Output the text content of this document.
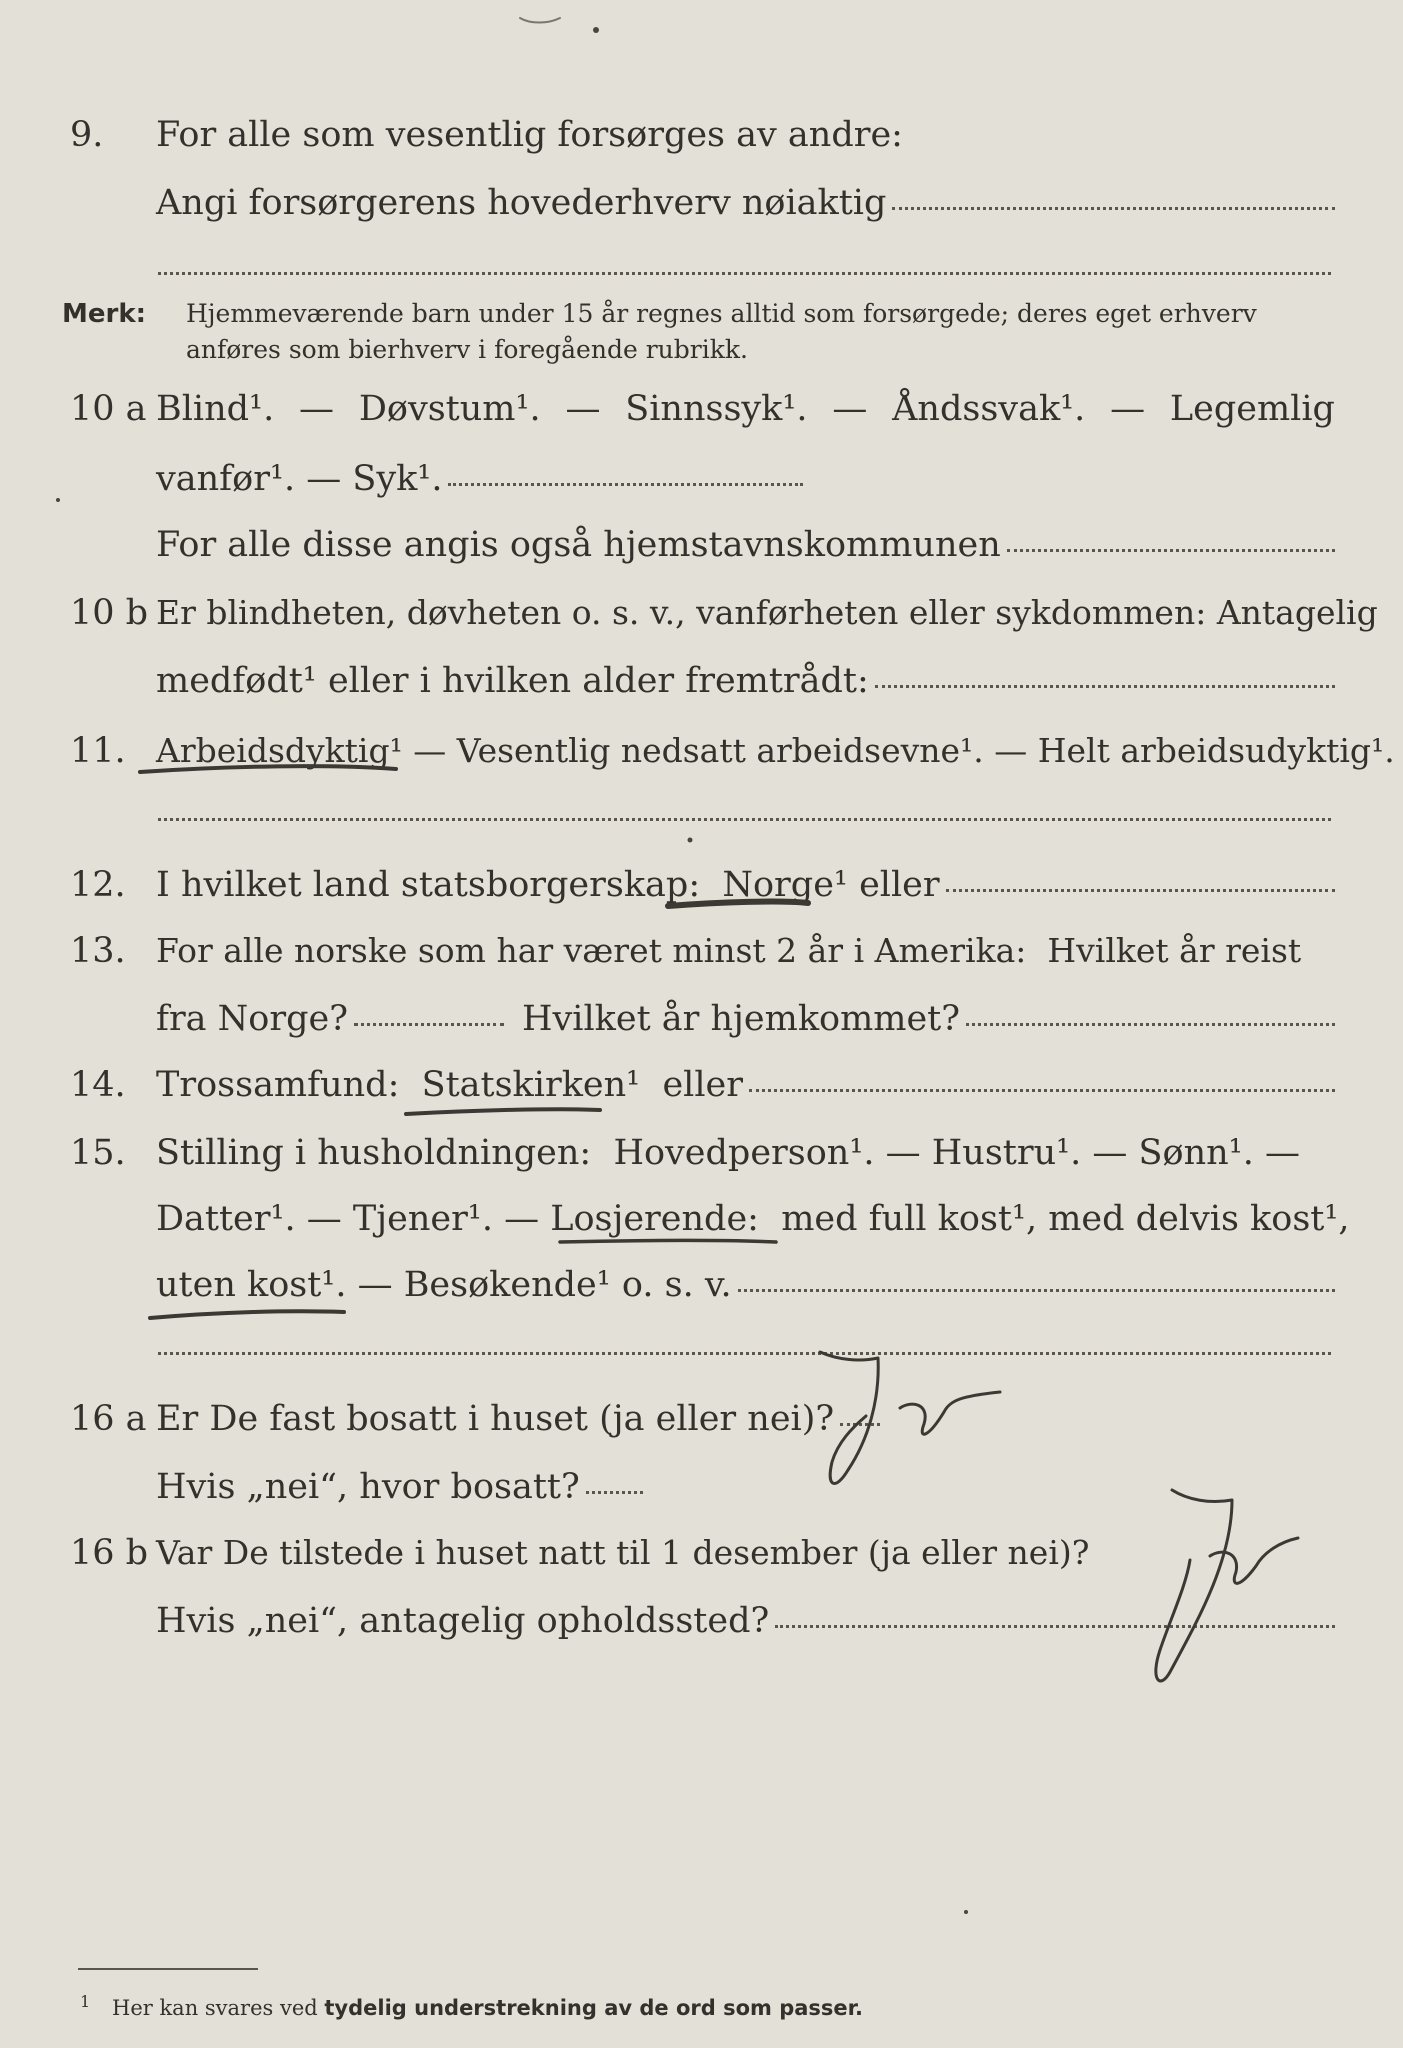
9. For alle som vesentlig forsørges av andre:
Angi forsørgerens hovederhverv nøiaktig
Merk: Hjemmeværende barn under 15 år regnes alltid som forsørgede; deres eget erhverv
anføres som bierhverv i foregående rubrikk.
10 a Blind¹. — Døvstum¹. — Sinnssyk¹. — Åndssvak¹. — Legemlig
vanfør¹. — Syk¹.
For alle disse angis også hjemstavnskommunen
10 b Er blindheten, døvheten o. s. v., vanførheten eller sykdommen: Antagelig
medfødt¹ eller i hvilken alder fremtrådt:
11. Arbeidsdyktig¹ — Vesentlig nedsatt arbeidsevne¹. — Helt arbeidsudyktig¹.
12. I hvilket land statsborgerskap: Norge¹ eller
13. For alle norske som har været minst 2 år i Amerika:  Hvilket år reist
fra Norge?	Hvilket år hjemkommet?
14. Trossamfund: Statskirken¹ eller
15. Stilling i husholdningen:  Hovedperson¹. — Hustru¹. — Sønn¹. —
Datter¹. — Tjener¹. — Losjerende: med full kost¹, med delvis kost¹,
uten kost¹. — Besøkende¹ o. s. v.
16 a Er De fast bosatt i huset (ja eller nei)?
Hvis „nei“, hvor bosatt?
16 b Var De tilstede i huset natt til 1 desember (ja eller nei)?
Hvis „nei“, antagelig opholdssted?
1 Her kan svares ved tydelig understrekning av de ord som passer.
